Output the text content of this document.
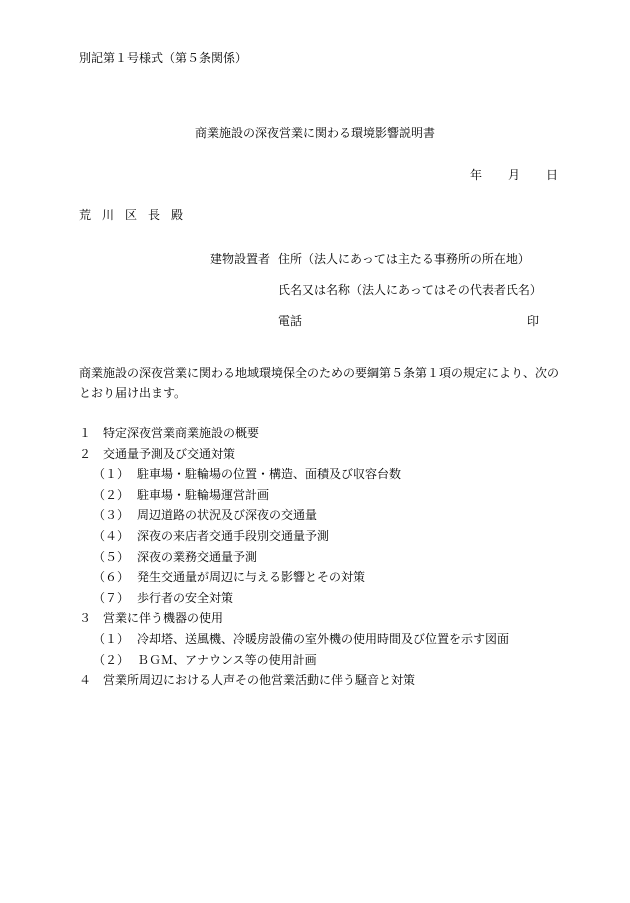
別記第１号様式（第５条関係）
商業施設の深夜営業に関わる環境影響説明書
年 月 日
荒川区長殿
建物設置者 住所（法人にあっては主たる事務所の所在地）
氏名又は名称（法人にあってはその代表者氏名）
電話	印
商業施設の深夜営業に関わる地域環境保全のための要綱第５条第１項の規定により、次の
とおり届け出ます。
１ 特定深夜営業商業施設の概要
２ 交通量予測及び交通対策
（１） 駐車場・駐輪場の位置・構造、面積及び収容台数
（２） 駐車場・駐輪場運営計画
（３） 周辺道路の状況及び深夜の交通量
（４） 深夜の来店者交通手段別交通量予測
（５） 深夜の業務交通量予測
（６） 発生交通量が周辺に与える影響とその対策
（７） 歩行者の安全対策
３ 営業に伴う機器の使用
（１） 冷却塔、送風機、冷暖房設備の室外機の使用時間及び位置を示す図面
（２） ＢＧＭ、アナウンス等の使用計画
４ 営業所周辺における人声その他営業活動に伴う騒音と対策
